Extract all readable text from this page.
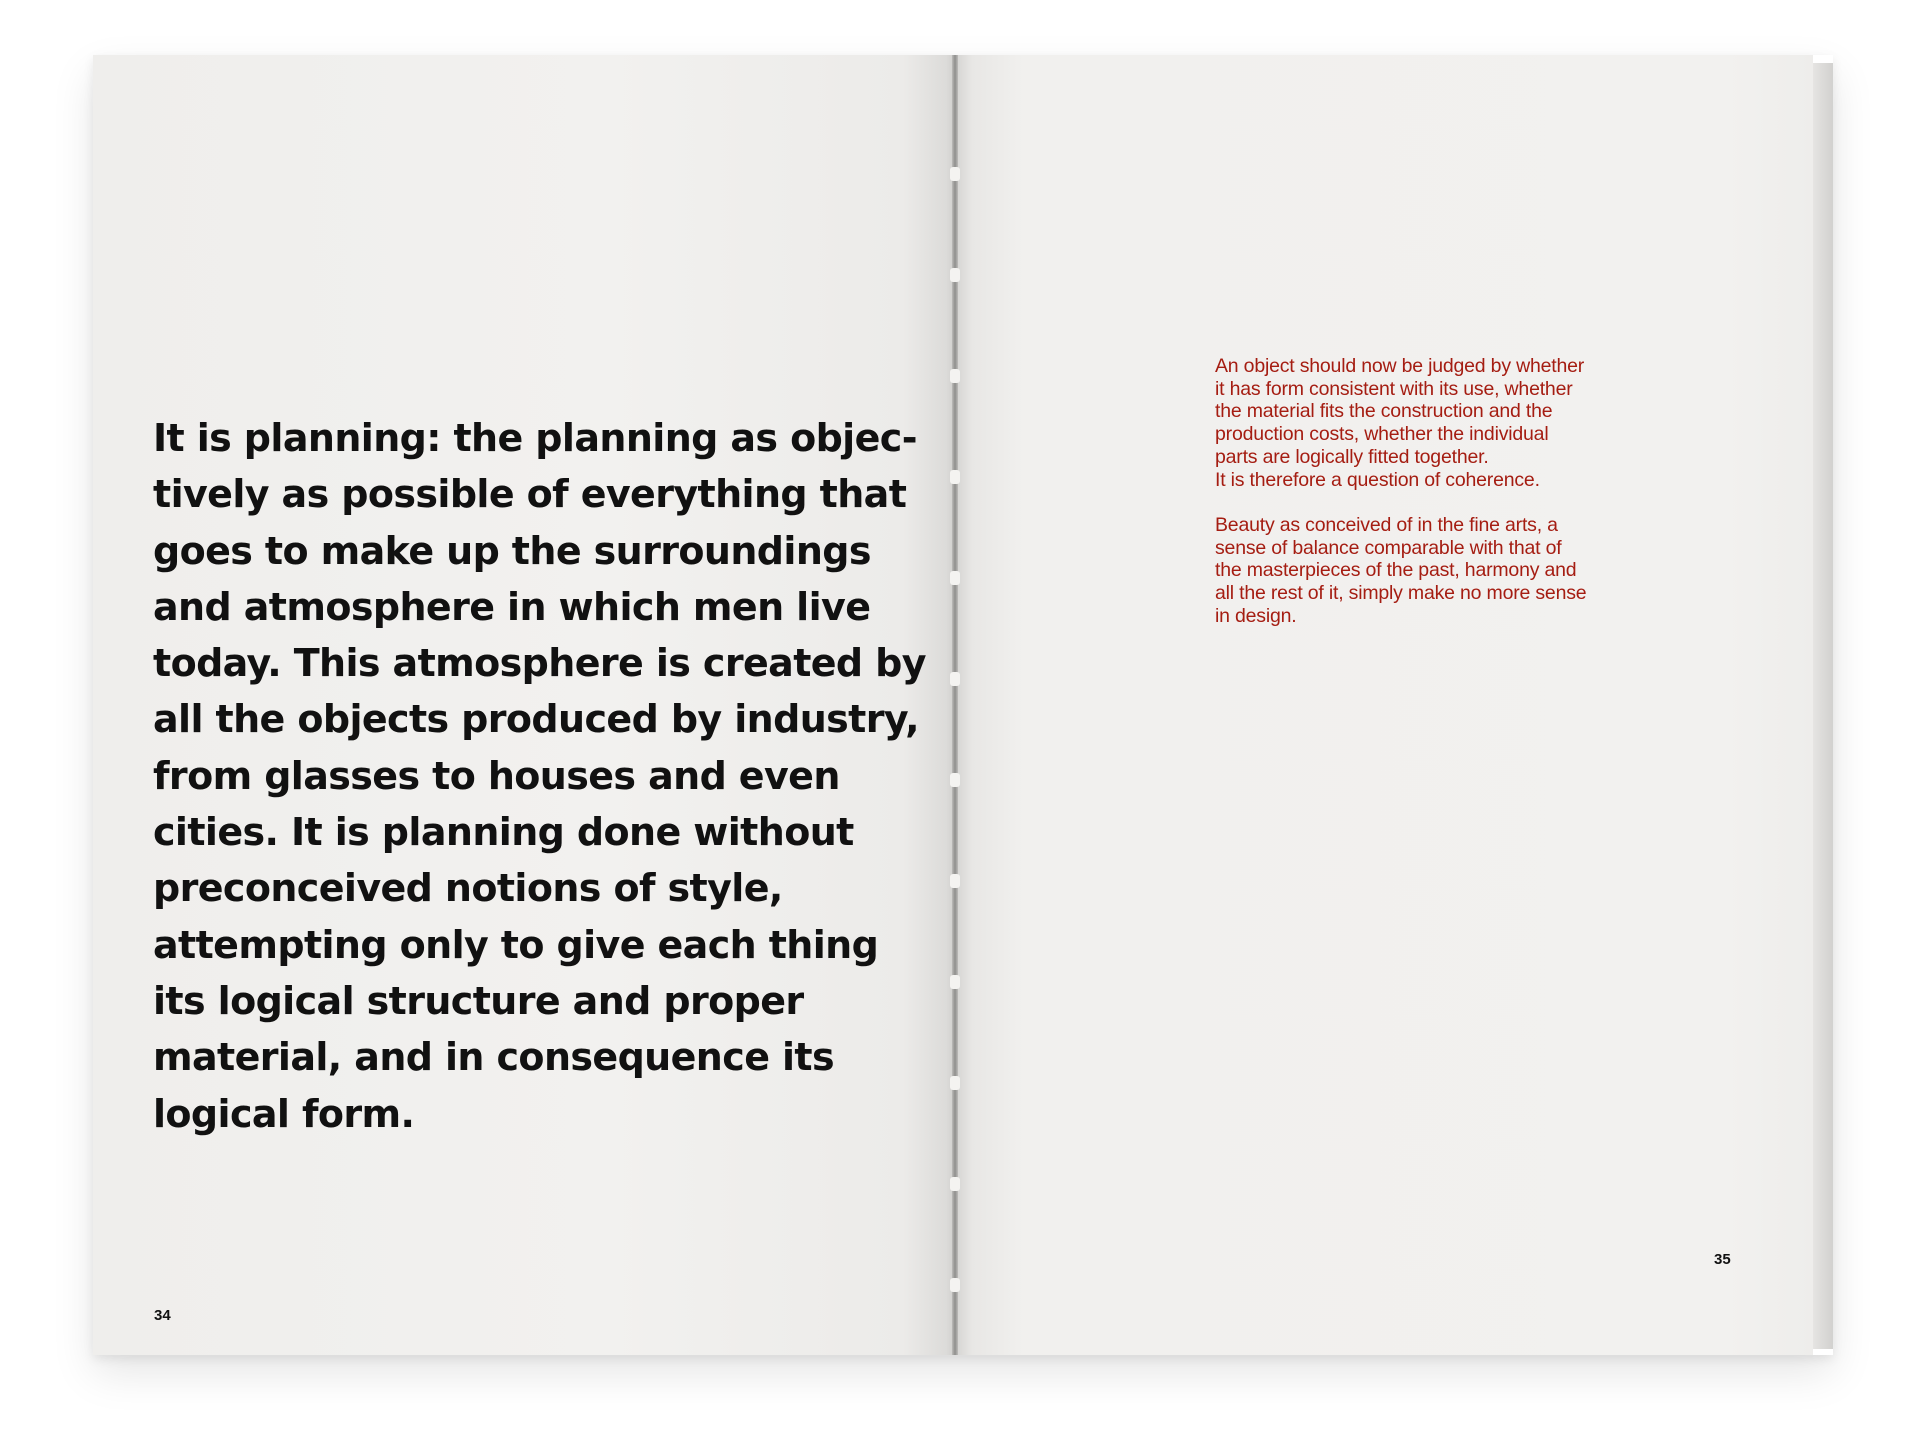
It is planning: the planning as objec-
tively as possible of everything that
goes to make up the surroundings
and atmosphere in which men live
today. This atmosphere is created by
all the objects produced by industry,
from glasses to houses and even
cities. It is planning done without
preconceived notions of style,
attempting only to give each thing
its logical structure and proper
material, and in consequence its
logical form.

34

An object should now be judged by whether
it has form consistent with its use, whether
the material fits the construction and the
production costs, whether the individual
parts are logically fitted together.
It is therefore a question of coherence.

Beauty as conceived of in the fine arts, a
sense of balance comparable with that of
the masterpieces of the past, harmony and
all the rest of it, simply make no more sense
in design.

35
